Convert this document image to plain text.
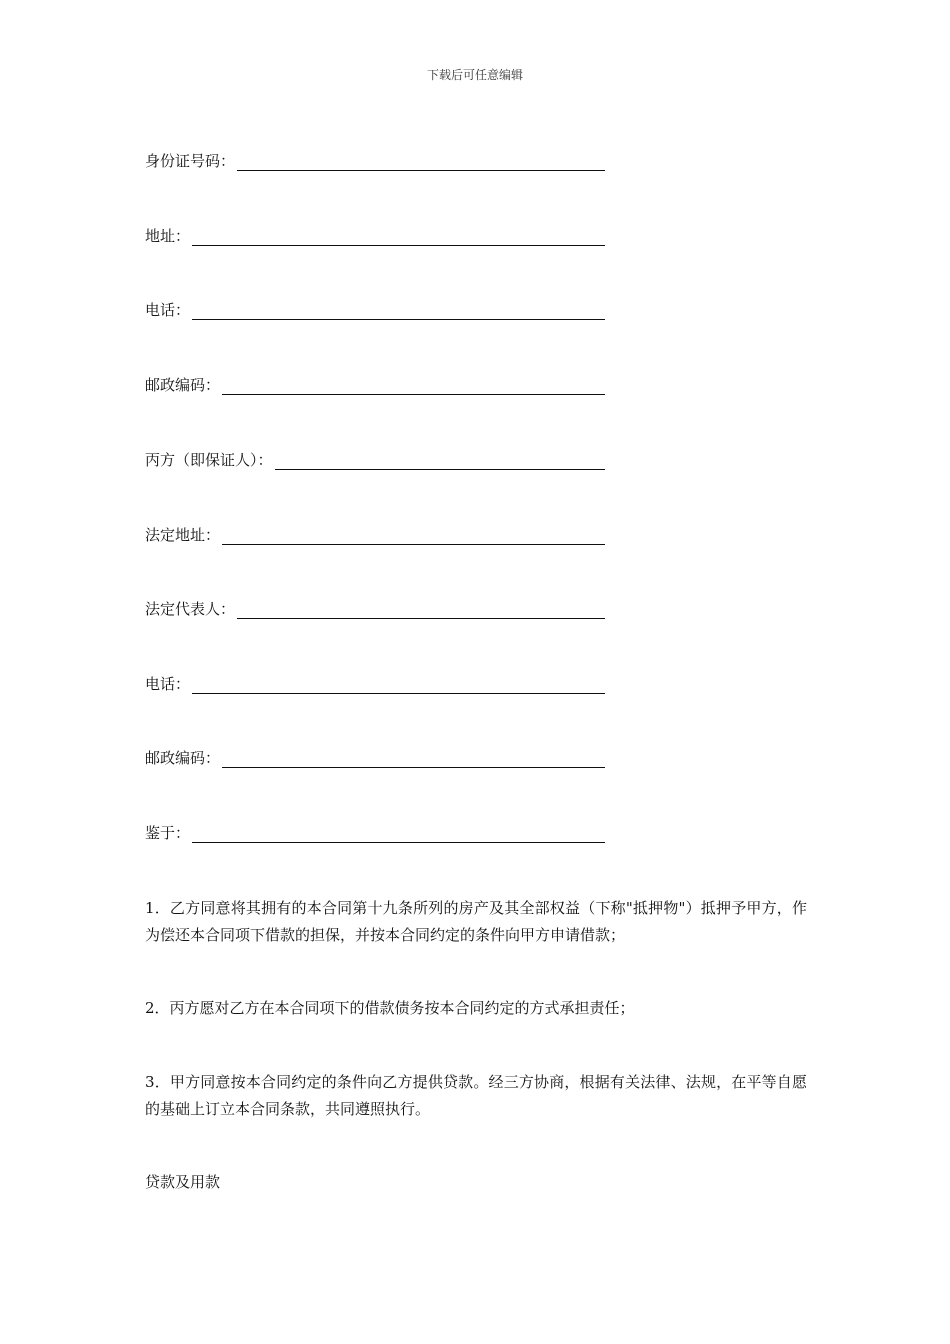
下载后可任意编辑
身份证号码：
地址：
电话：
邮政编码：
丙方（即保证人）：
法定地址：
法定代表人：
电话：
邮政编码：
鉴于：

1．乙方同意将其拥有的本合同第十九条所列的房产及其全部权益（下称"抵押物"）抵押予甲方，作为偿还本合同项下借款的担保，并按本合同约定的条件向甲方申请借款；

2．丙方愿对乙方在本合同项下的借款债务按本合同约定的方式承担责任；

3．甲方同意按本合同约定的条件向乙方提供贷款。经三方协商，根据有关法律、法规，在平等自愿的基础上订立本合同条款，共同遵照执行。

贷款及用款
